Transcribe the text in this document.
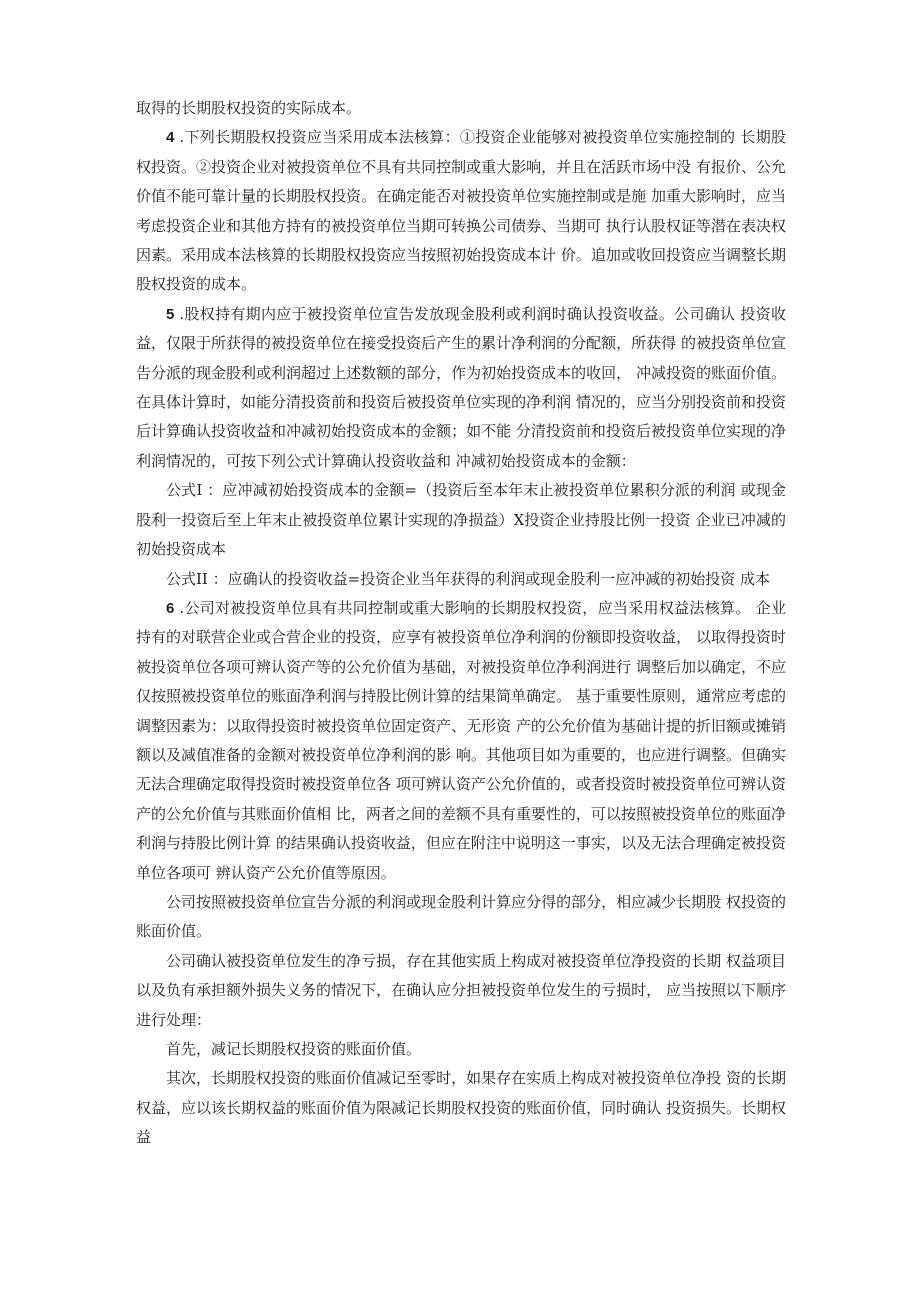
取得的长期股权投资的实际成本。

4 .下列长期股权投资应当采用成本法核算：①投资企业能够对被投资单位实施控制的 长期股权投资。②投资企业对被投资单位不具有共同控制或重大影响，并且在活跃市场中没 有报价、公允价值不能可靠计量的长期股权投资。在确定能否对被投资单位实施控制或是施 加重大影响时，应当考虑投资企业和其他方持有的被投资单位当期可转换公司债券、当期可 执行认股权证等潜在表决权因素。采用成本法核算的长期股权投资应当按照初始投资成本计 价。追加或收回投资应当调整长期股权投资的成本。

5 .股权持有期内应于被投资单位宣告发放现金股利或利润时确认投资收益。公司确认 投资收益，仅限于所获得的被投资单位在接受投资后产生的累计净利润的分配额，所获得 的被投资单位宣告分派的现金股利或利润超过上述数额的部分，作为初始投资成本的收回， 冲减投资的账面价值。在具体计算时，如能分清投资前和投资后被投资单位实现的净利润 情况的，应当分别投资前和投资后计算确认投资收益和冲减初始投资成本的金额；如不能 分清投资前和投资后被投资单位实现的净利润情况的，可按下列公式计算确认投资收益和 冲减初始投资成本的金额：

公式I ：应冲减初始投资成本的金额=（投资后至本年末止被投资单位累积分派的利润 或现金股利一投资后至上年末止被投资单位累计实现的净损益）X投资企业持股比例一投资 企业已冲减的初始投资成本

公式II ：应确认的投资收益=投资企业当年获得的利润或现金股利一应冲减的初始投资 成本

6 .公司对被投资单位具有共同控制或重大影响的长期股权投资，应当采用权益法核算。 企业持有的对联营企业或合营企业的投资，应享有被投资单位净利润的份额即投资收益， 以取得投资时被投资单位各项可辨认资产等的公允价值为基础，对被投资单位净利润进行 调整后加以确定，不应仅按照被投资单位的账面净利润与持股比例计算的结果简单确定。 基于重要性原则，通常应考虑的调整因素为：以取得投资时被投资单位固定资产、无形资 产的公允价值为基础计提的折旧额或摊销额以及减值准备的金额对被投资单位净利润的影 响。其他项目如为重要的，也应进行调整。但确实无法合理确定取得投资时被投资单位各 项可辨认资产公允价值的，或者投资时被投资单位可辨认资产的公允价值与其账面价值相 比，两者之间的差额不具有重要性的，可以按照被投资单位的账面净利润与持股比例计算 的结果确认投资收益，但应在附注中说明这一事实，以及无法合理确定被投资单位各项可 辨认资产公允价值等原因。

公司按照被投资单位宣告分派的利润或现金股利计算应分得的部分，相应减少长期股 权投资的账面价值。

公司确认被投资单位发生的净亏损，存在其他实质上构成对被投资单位净投资的长期 权益项目以及负有承担额外损失义务的情况下，在确认应分担被投资单位发生的亏损时， 应当按照以下顺序进行处理：

首先，减记长期股权投资的账面价值。

其次，长期股权投资的账面价值减记至零时，如果存在实质上构成对被投资单位净投 资的长期权益，应以该长期权益的账面价值为限减记长期股权投资的账面价值，同时确认 投资损失。长期权益
